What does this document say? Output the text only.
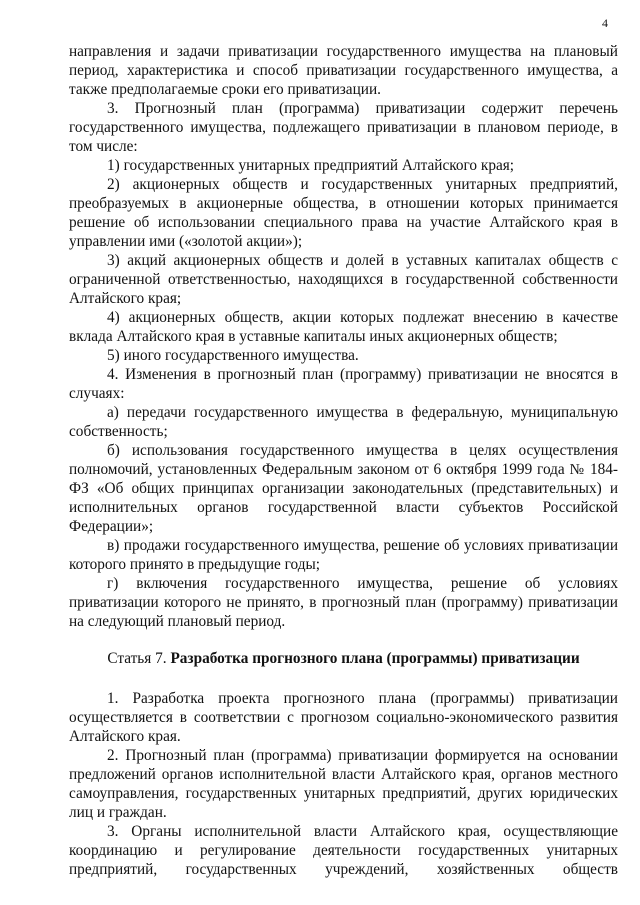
4

направления и задачи приватизации государственного имущества на плановый период, характеристика и способ приватизации государственного имущества, а также предполагаемые сроки его приватизации.

3. Прогнозный план (программа) приватизации содержит перечень государственного имущества, подлежащего приватизации в плановом периоде, в том числе:

1) государственных унитарных предприятий Алтайского края;

2) акционерных обществ и государственных унитарных предприятий, преобразуемых в акционерные общества, в отношении которых принимается решение об использовании специального права на участие Алтайского края в управлении ими («золотой акции»);

3) акций акционерных обществ и долей в уставных капиталах обществ с ограниченной ответственностью, находящихся в государственной собственности Алтайского края;

4) акционерных обществ, акции которых подлежат внесению в качестве вклада Алтайского края в уставные капиталы иных акционерных обществ;

5) иного государственного имущества.

4. Изменения в прогнозный план (программу) приватизации не вносятся в случаях:

а) передачи государственного имущества в федеральную, муниципальную собственность;

б) использования государственного имущества в целях осуществления полномочий, установленных Федеральным законом от 6 октября 1999 года № 184-ФЗ «Об общих принципах организации законодательных (представительных) и исполнительных органов государственной власти субъектов Российской Федерации»;

в) продажи государственного имущества, решение об условиях приватизации которого принято в предыдущие годы;

г) включения государственного имущества, решение об условиях приватизации которого не принято, в прогнозный план (программу) приватизации на следующий плановый период.

Статья 7. Разработка прогнозного плана (программы) приватизации

1. Разработка проекта прогнозного плана (программы) приватизации осуществляется в соответствии с прогнозом социально-экономического развития Алтайского края.

2. Прогнозный план (программа) приватизации формируется на основании предложений органов исполнительной власти Алтайского края, органов местного самоуправления, государственных унитарных предприятий, других юридических лиц и граждан.

3. Органы исполнительной власти Алтайского края, осуществляющие координацию и регулирование деятельности государственных унитарных предприятий, государственных учреждений, хозяйственных обществ
